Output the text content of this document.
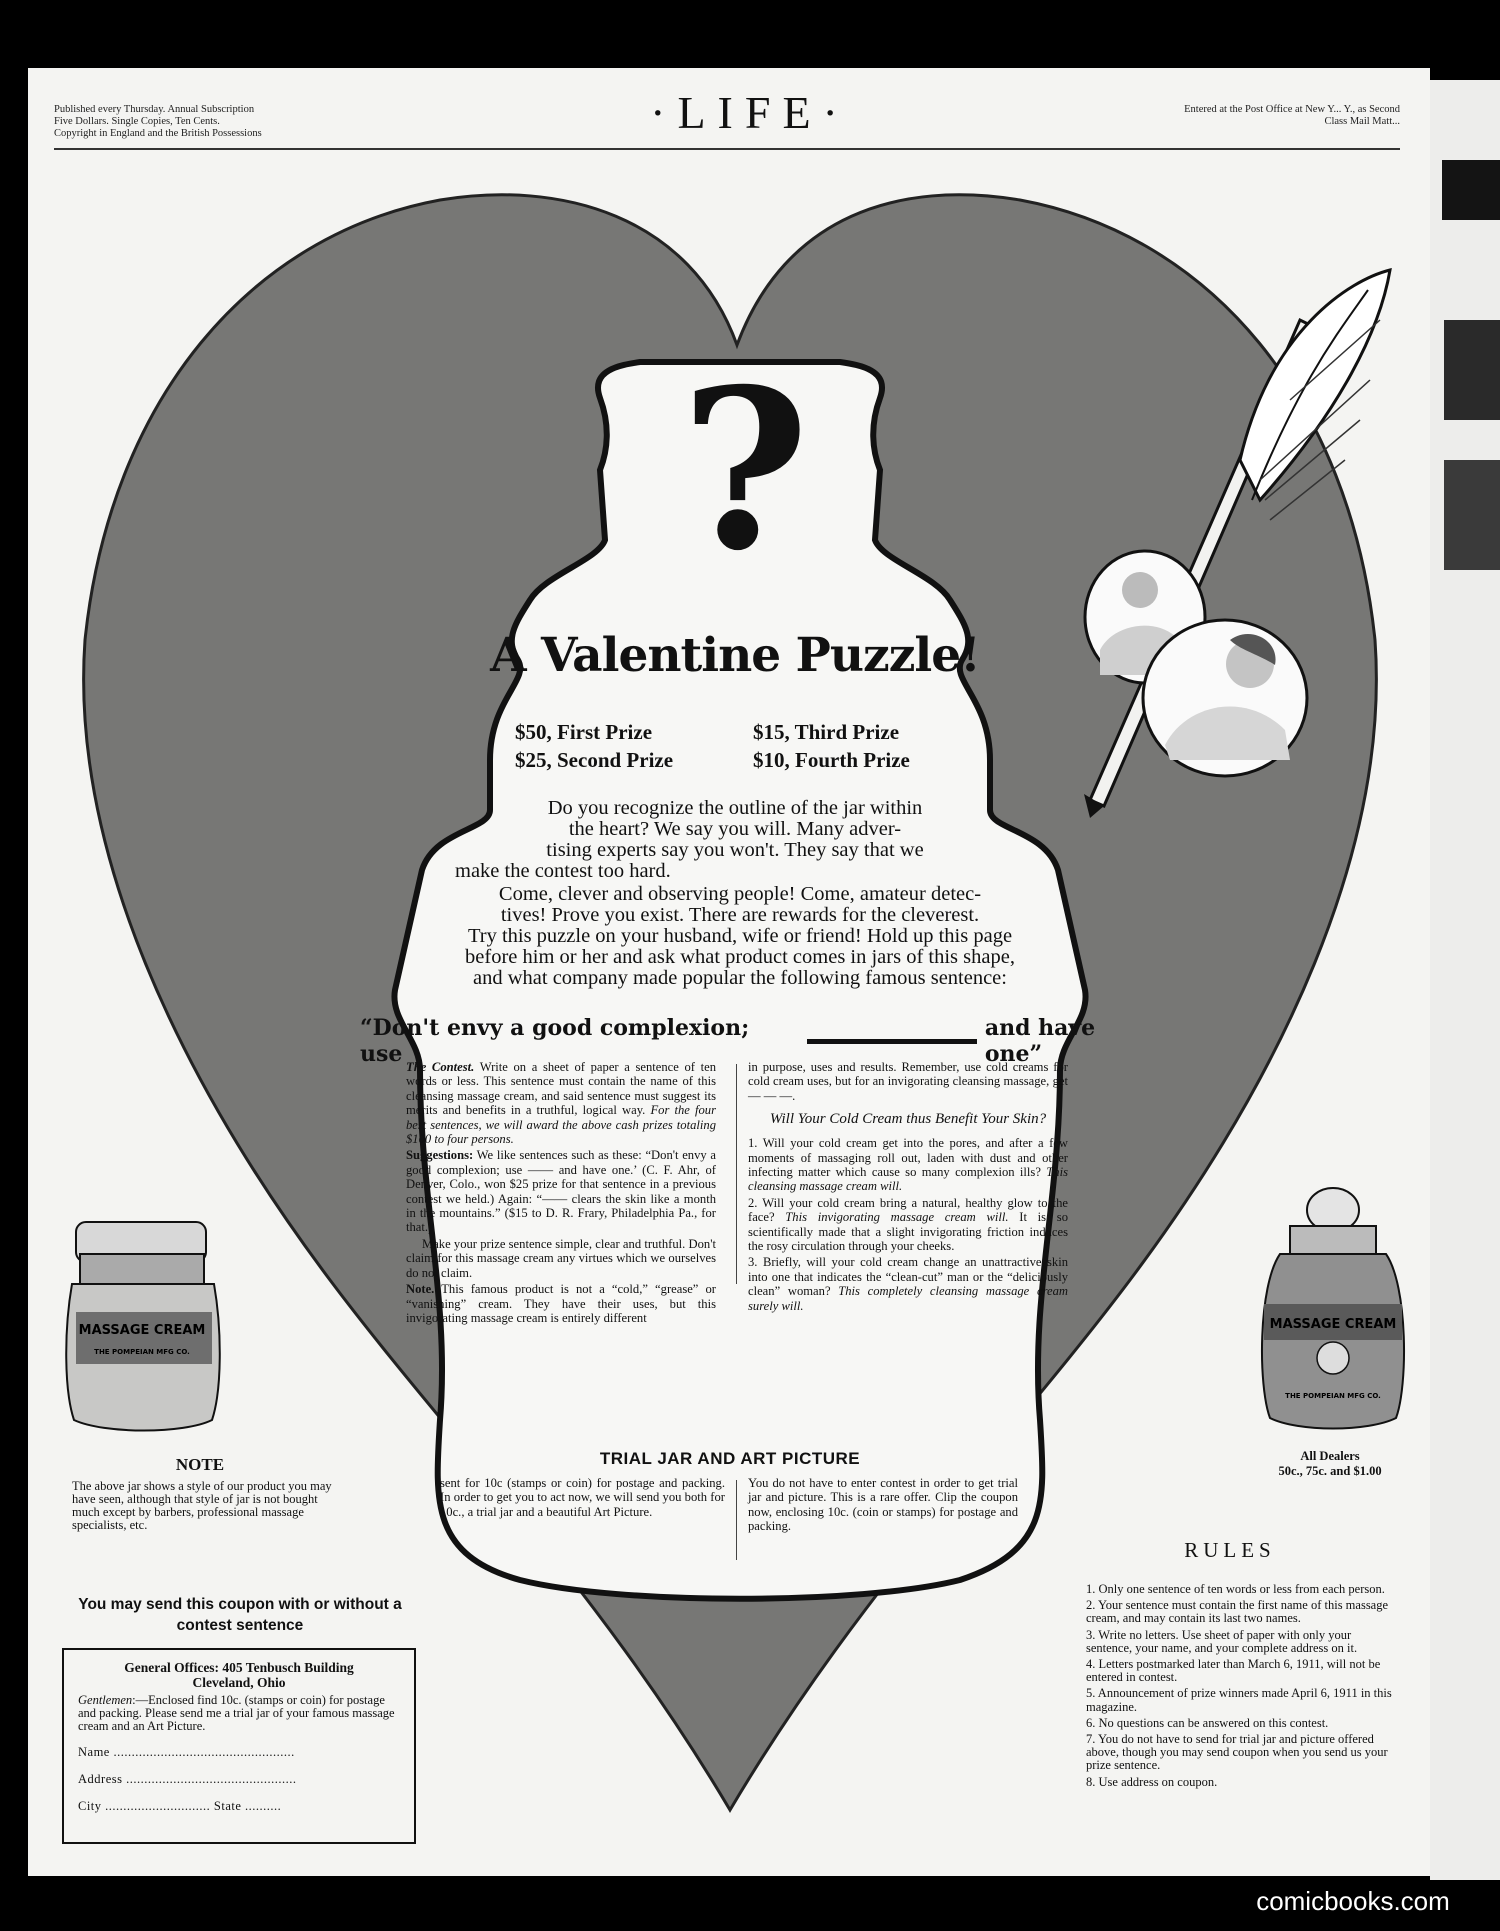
Published every Thursday. Annual Subscription
Five Dollars. Single Copies, Ten Cents.
Copyright in England and the British Possessions	·LIFE·	Entered at the Post Office at New Y... Y., as Second
Class Mail Matt...
?
A Valentine Puzzle!
$50, First Prize	$15, Third Prize
$25, Second Prize	$10, Fourth Prize
Do you recognize the outline of the jar within
the heart? We say you will. Many adver-
tising experts say you won't. They say that we
make the contest too hard.
Come, clever and observing people! Come, amateur detec-
tives! Prove you exist. There are rewards for the cleverest.
Try this puzzle on your husband, wife or friend! Hold up this page
before him or her and ask what product comes in jars of this shape,
and what company made popular the following famous sentence:
“Don't envy a good complexion; use
and have one”

The Contest. Write on a sheet of paper a sentence of ten words or less. This sentence must contain the name of this cleansing massage cream, and said sentence must suggest its merits and benefits in a truthful, logical way. For the four best sentences, we will award the above cash prizes totaling $100 to four persons.

Suggestions: We like sentences such as these: “Don't envy a good complexion; use —— and have one.’ (C. F. Ahr, of Denver, Colo., won $25 prize for that sentence in a previous contest we held.) Again: “—— clears the skin like a month in the mountains.” ($15 to D. R. Frary, Philadelphia Pa., for that.)

Make your prize sentence simple, clear and truthful. Don't claim for this massage cream any virtues which we ourselves do not claim.

Note. This famous product is not a “cold,” “grease” or “vanishing” cream. They have their uses, but this invigorating massage cream is entirely different

in purpose, uses and results. Remember, use cold creams for cold cream uses, but for an invigorating cleansing massage, get — — —.

Will Your Cold Cream thus Benefit Your Skin?

1. Will your cold cream get into the pores, and after a few moments of massaging roll out, laden with dust and other infecting matter which cause so many complexion ills? This cleansing massage cream will.

2. Will your cold cream bring a natural, healthy glow to the face? This invigorating massage cream will. It is so scientifically made that a slight invigorating friction induces the rosy circulation through your cheeks.

3. Briefly, will your cold cream change an unattractive skin into one that indicates the “clean-cut” man or the “deliciously clean” woman? This completely cleansing massage cream surely will.

TRIAL JAR AND ART PICTURE
sent for 10c (stamps or coin) for postage and packing. In order to get you to act now, we will send you both for 10c., a trial jar and a beautiful Art Picture.
You do not have to enter contest in order to get trial jar and picture. This is a rare offer. Clip the coupon now, enclosing 10c. (coin or stamps) for postage and packing.
MASSAGE CREAM
THE POMPEIAN MFG CO.
MASSAGE CREAM
THE POMPEIAN MFG CO.
NOTE
The above jar shows a style of our product you may have seen, although that style of jar is not bought much except by barbers, professional massage specialists, etc.
All Dealers
50c., 75c. and $1.00
RULES
1. Only one sentence of ten words or less from each person.
2. Your sentence must contain the first name of this massage cream, and may contain its last two names.
3. Write no letters. Use sheet of paper with only your sentence, your name, and your complete address on it.
4. Letters postmarked later than March 6, 1911, will not be entered in contest.
5. Announcement of prize winners made April 6, 1911 in this magazine.
6. No questions can be answered on this contest.
7. You do not have to send for trial jar and picture offered above, though you may send coupon when you send us your prize sentence.
8. Use address on coupon.
You may send this coupon with or without a contest sentence
General Offices: 405 Tenbusch Building
Cleveland, Ohio
Gentlemen:—Enclosed find 10c. (stamps or coin) for postage and packing. Please send me a trial jar of your famous massage cream and an Art Picture.
Name ..................................................
Address ...............................................
City ............................. State ..........
comicbooks.com
